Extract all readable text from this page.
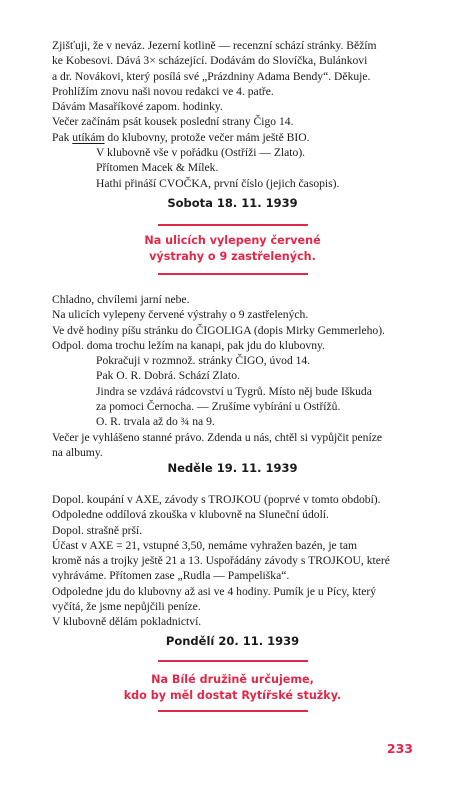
Zjišťuji, že v neváz. Jezerní kotlině — recenzní schází stránky. Běžím
ke Kobesovi. Dává 3× scházející. Dodávám do Slovíčka, Bulánkovi
a dr. Novákovi, který posílá své „Prázdniny Adama Bendy“. Děkuje.
Prohlížím znovu naši novou redakci ve 4. patře.
Dávám Masaříkové zapom. hodinky.
Večer začínám psát kousek poslední strany Čigo 14.
Pak utíkám do klubovny, protože večer mám ještě BIO.
V klubovně vše v pořádku (Ostříži — Zlato).
Přítomen Macek & Mílek.
Hathi přináší CVOČKA, první číslo (jejich časopis).
Sobota 18. 11. 1939
Na ulicích vylepeny červené
výstrahy o 9 zastřelených.
Chladno, chvílemi jarní nebe.
Na ulicích vylepeny červené výstrahy o 9 zastřelených.
Ve dvě hodiny píšu stránku do ČIGOLIGA (dopis Mirky Gemmerleho).
Odpol. doma trochu ležím na kanapi, pak jdu do klubovny.
Pokračuji v rozmnož. stránky ČIGO, úvod 14.
Pak O. R. Dobrá. Schází Zlato.
Jindra se vzdává rádcovství u Tygrů. Místo něj bude Iškuda
za pomoci Černocha. — Zrušíme vybírání u Ostřížů.
O. R. trvala až do ¾ na 9.
Večer je vyhlášeno stanné právo. Zdenda u nás, chtěl si vypůjčit peníze
na albumy.
Neděle 19. 11. 1939
Dopol. koupání v AXE, závody s TROJKOU (poprvé v tomto období).
Odpoledne oddílová zkouška v klubovně na Sluneční údolí.
Dopol. strašně prší.
Účast v AXE = 21, vstupné 3,50, nemáme vyhražen bazén, je tam
kromě nás a trojky ještě 21 a 13. Uspořádány závody s TROJKOU, které
vyhráváme. Přítomen zase „Rudla — Pampeliška“.
Odpoledne jdu do klubovny až asi ve 4 hodiny. Pumík je u Pícy, který
vyčítá, že jsme nepůjčili peníze.
V klubovně dělám pokladnictví.
Pondělí 20. 11. 1939
Na Bílé družině určujeme,
kdo by měl dostat Rytířské stužky.
233
